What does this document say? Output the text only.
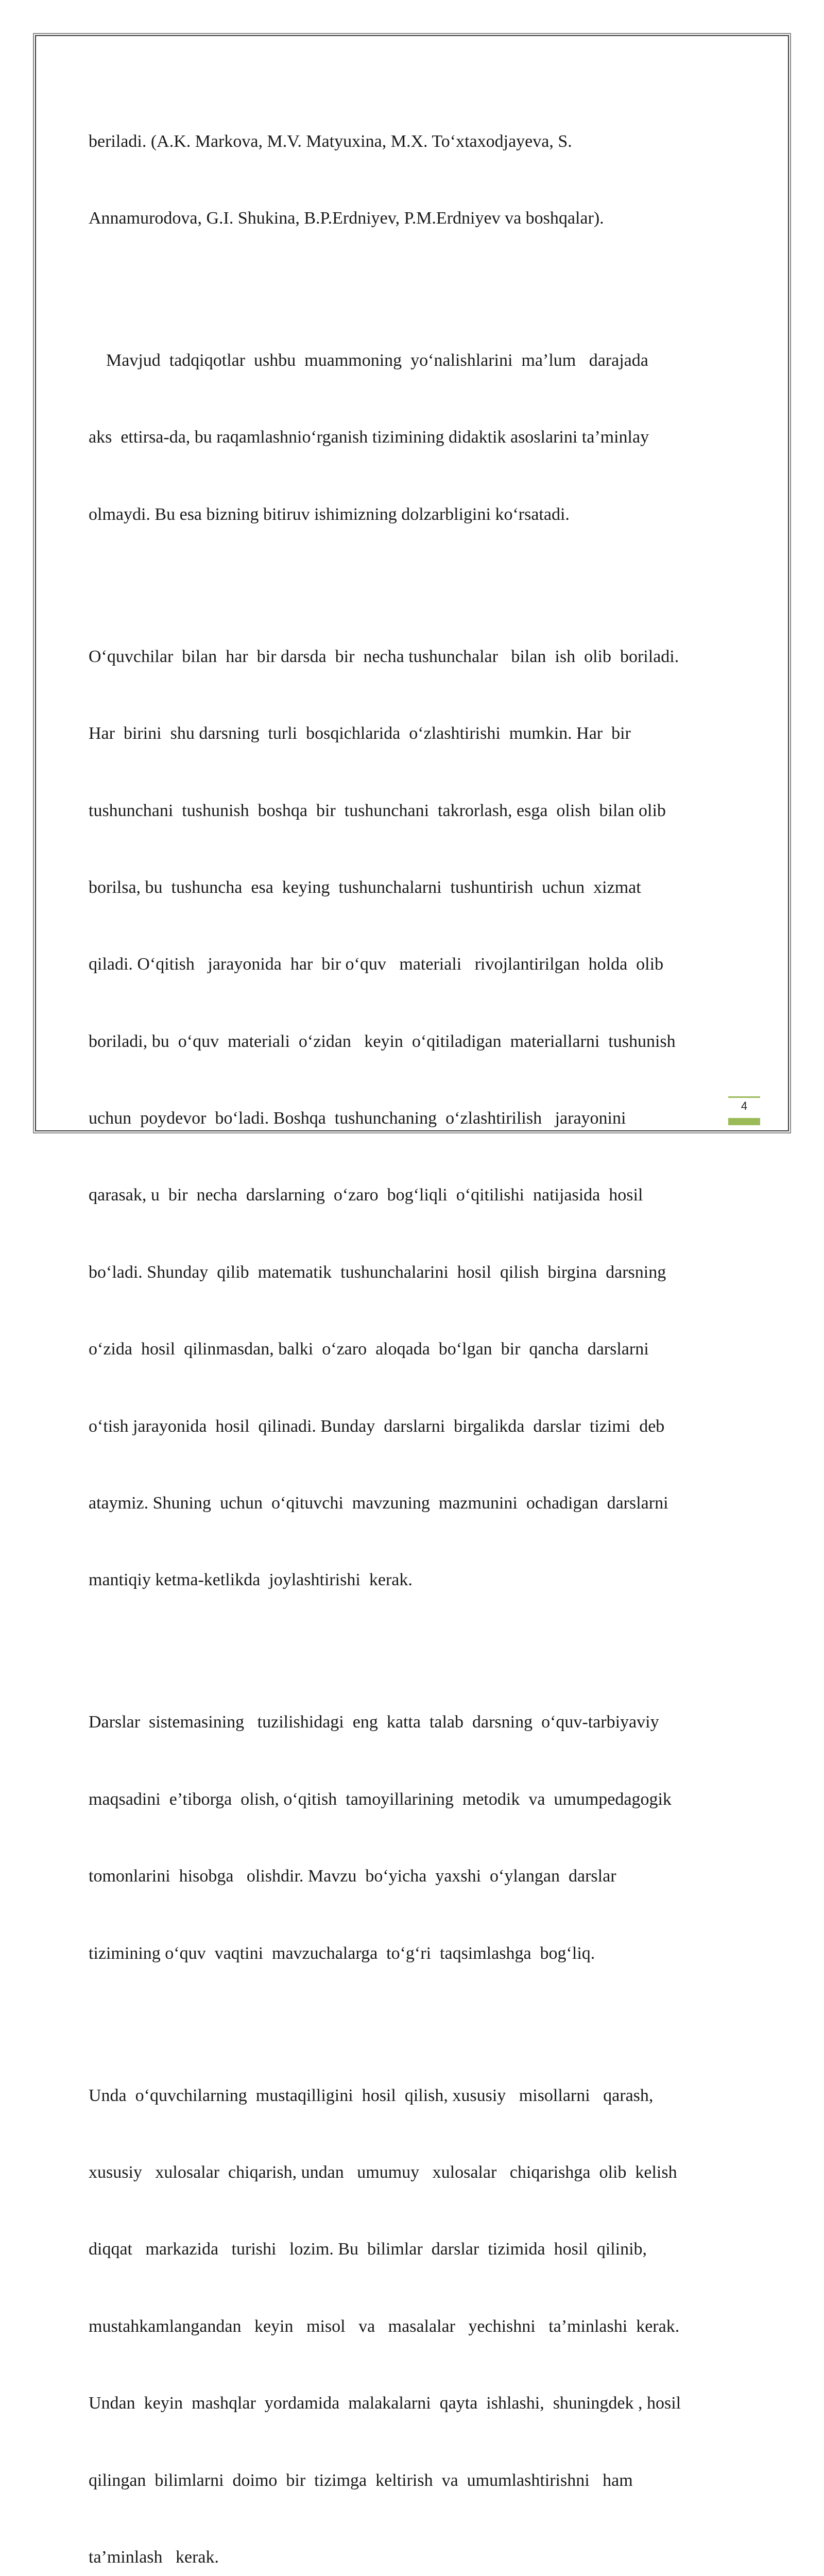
beriladi. (A.K. Markova, M.V. Matyuxina, M.X. To‘xtaxodjayeva, S.

Annamurodova, G.I. Shukina, B.P.Erdniyev, P.M.Erdniyev va boshqalar).

Mavjud  tadqiqotlar  ushbu  muammoning  yo‘nalishlarini  ma’lum   darajada

aks  ettirsa-da, bu raqamlashnio‘rganish tizimining didaktik asoslarini ta’minlay

olmaydi. Bu esa bizning bitiruv ishimizning dolzarbligini ko‘rsatadi.

O‘quvchilar  bilan  har  bir darsda  bir  necha tushunchalar   bilan  ish  olib  boriladi.

Har  birini  shu darsning  turli  bosqichlarida  o‘zlashtirishi  mumkin. Har  bir

tushunchani  tushunish  boshqa  bir  tushunchani  takrorlash, esga  olish  bilan olib

borilsa, bu  tushuncha  esa  keying  tushunchalarni  tushuntirish  uchun  xizmat

qiladi. O‘qitish   jarayonida  har  bir o‘quv   materiali   rivojlantirilgan  holda  olib

boriladi, bu  o‘quv  materiali  o‘zidan   keyin  o‘qitiladigan  materiallarni  tushunish

uchun  poydevor  bo‘ladi. Boshqa  tushunchaning  o‘zlashtirilish   jarayonini

qarasak, u  bir  necha  darslarning  o‘zaro  bog‘liqli  o‘qitilishi  natijasida  hosil

bo‘ladi. Shunday  qilib  matematik  tushunchalarini  hosil  qilish  birgina  darsning

o‘zida  hosil  qilinmasdan, balki  o‘zaro  aloqada  bo‘lgan  bir  qancha  darslarni

o‘tish jarayonida  hosil  qilinadi. Bunday  darslarni  birgalikda  darslar  tizimi  deb

ataymiz. Shuning  uchun  o‘qituvchi  mavzuning  mazmunini  ochadigan  darslarni

mantiqiy ketma-ketlikda  joylashtirishi  kerak.

Darslar  sistemasining   tuzilishidagi  eng  katta  talab  darsning  o‘quv-tarbiyaviy

maqsadini  e’tiborga  olish, o‘qitish  tamoyillarining  metodik  va  umumpedagogik

tomonlarini  hisobga   olishdir. Mavzu  bo‘yicha  yaxshi  o‘ylangan  darslar

tizimining o‘quv  vaqtini  mavzuchalarga  to‘g‘ri  taqsimlashga  bog‘liq.

Unda  o‘quvchilarning  mustaqilligini  hosil  qilish, xususiy   misollarni   qarash,

xususiy   xulosalar  chiqarish, undan   umumuy   xulosalar   chiqarishga  olib  kelish

diqqat   markazida   turishi   lozim. Bu  bilimlar  darslar  tizimida  hosil  qilinib,

mustahkamlangandan   keyin   misol   va   masalalar   yechishni   ta’minlashi  kerak.

Undan  keyin  mashqlar  yordamida  malakalarni  qayta  ishlashi,  shuningdek , hosil

qilingan  bilimlarni  doimo  bir  tizimga  keltirish  va  umumlashtirishni   ham

ta’minlash   kerak.

4
